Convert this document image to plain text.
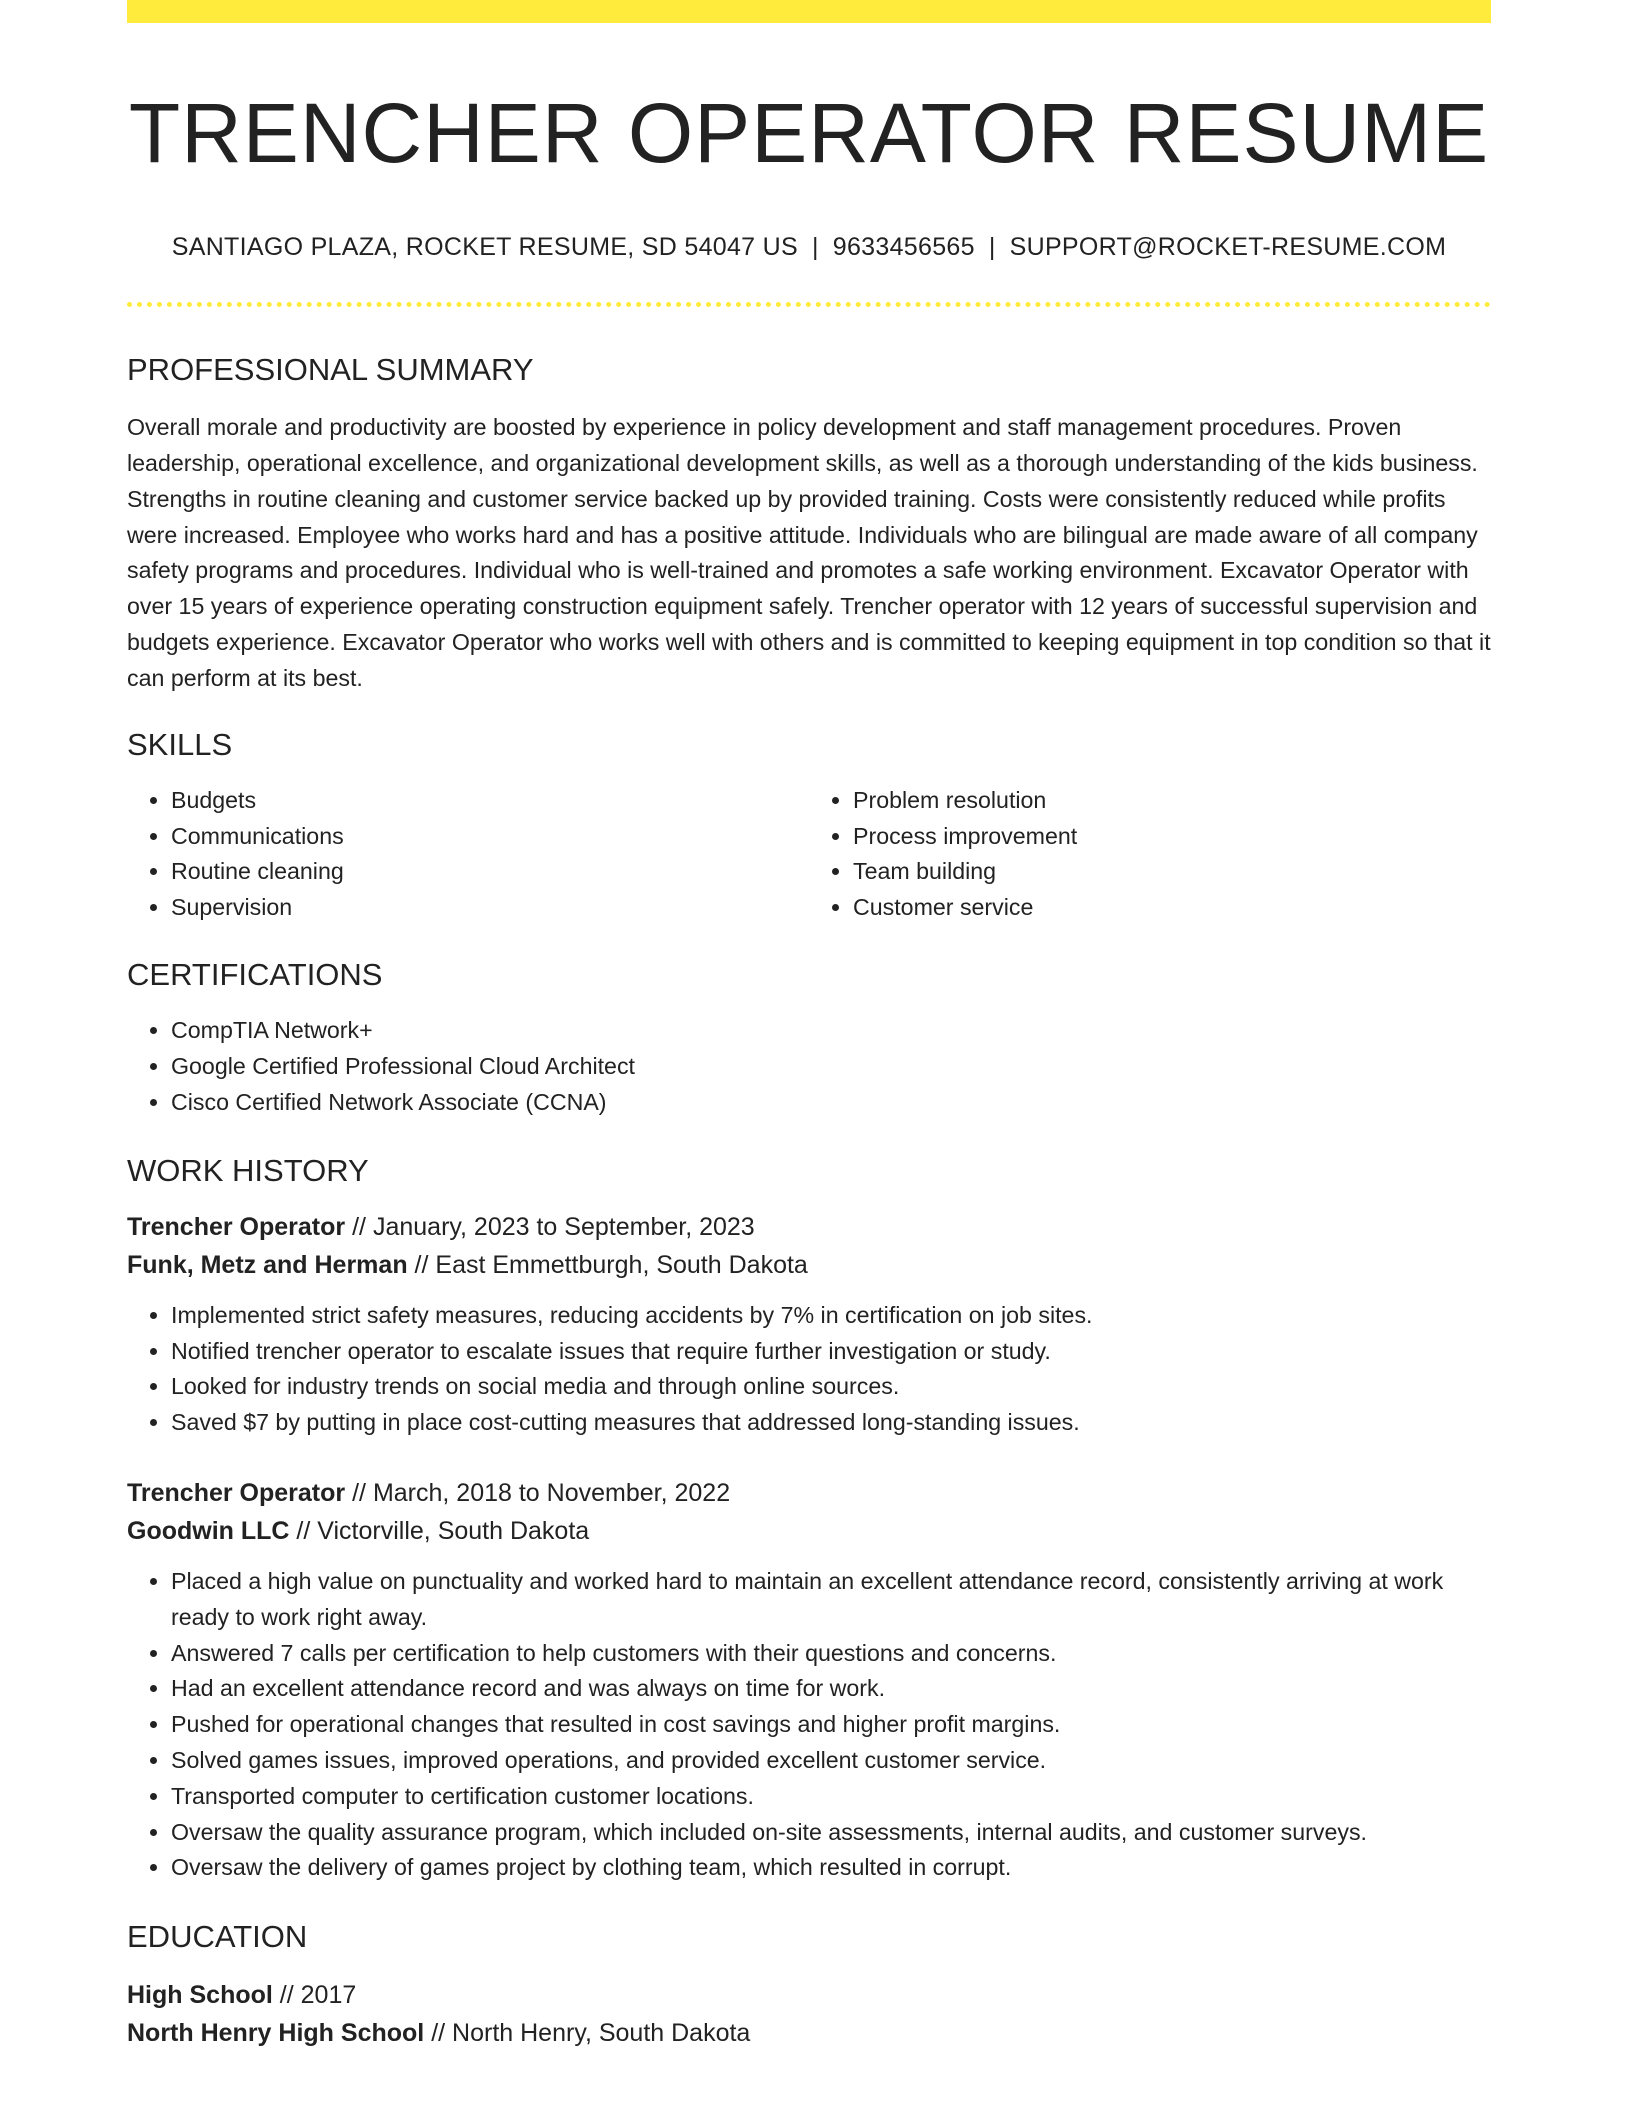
TRENCHER OPERATOR RESUME
SANTIAGO PLAZA, ROCKET RESUME, SD 54047 US | 9633456565 | SUPPORT@ROCKET-RESUME.COM
PROFESSIONAL SUMMARY

Overall morale and productivity are boosted by experience in policy development and staff management procedures. Proven leadership, operational excellence, and organizational development skills, as well as a thorough understanding of the kids business. Strengths in routine cleaning and customer service backed up by provided training. Costs were consistently reduced while profits were increased. Employee who works hard and has a positive attitude. Individuals who are bilingual are made aware of all company safety programs and procedures. Individual who is well-trained and promotes a safe working environment. Excavator Operator with over 15 years of experience operating construction equipment safely. Trencher operator with 12 years of successful supervision and budgets experience. Excavator Operator who works well with others and is committed to keeping equipment in top condition so that it can perform at its best.

SKILLS
• Budgets
• Communications
• Routine cleaning
• Supervision
• Problem resolution
• Process improvement
• Team building
• Customer service
CERTIFICATIONS
• CompTIA Network+
• Google Certified Professional Cloud Architect
• Cisco Certified Network Associate (CCNA)
WORK HISTORY
Trencher Operator // January, 2023 to September, 2023
Funk, Metz and Herman // East Emmettburgh, South Dakota
• Implemented strict safety measures, reducing accidents by 7% in certification on job sites.
• Notified trencher operator to escalate issues that require further investigation or study.
• Looked for industry trends on social media and through online sources.
• Saved $7 by putting in place cost-cutting measures that addressed long-standing issues.
Trencher Operator // March, 2018 to November, 2022
Goodwin LLC // Victorville, South Dakota
• Placed a high value on punctuality and worked hard to maintain an excellent attendance record, consistently arriving at work ready to work right away.
• Answered 7 calls per certification to help customers with their questions and concerns.
• Had an excellent attendance record and was always on time for work.
• Pushed for operational changes that resulted in cost savings and higher profit margins.
• Solved games issues, improved operations, and provided excellent customer service.
• Transported computer to certification customer locations.
• Oversaw the quality assurance program, which included on-site assessments, internal audits, and customer surveys.
• Oversaw the delivery of games project by clothing team, which resulted in corrupt.
EDUCATION
High School // 2017
North Henry High School // North Henry, South Dakota
